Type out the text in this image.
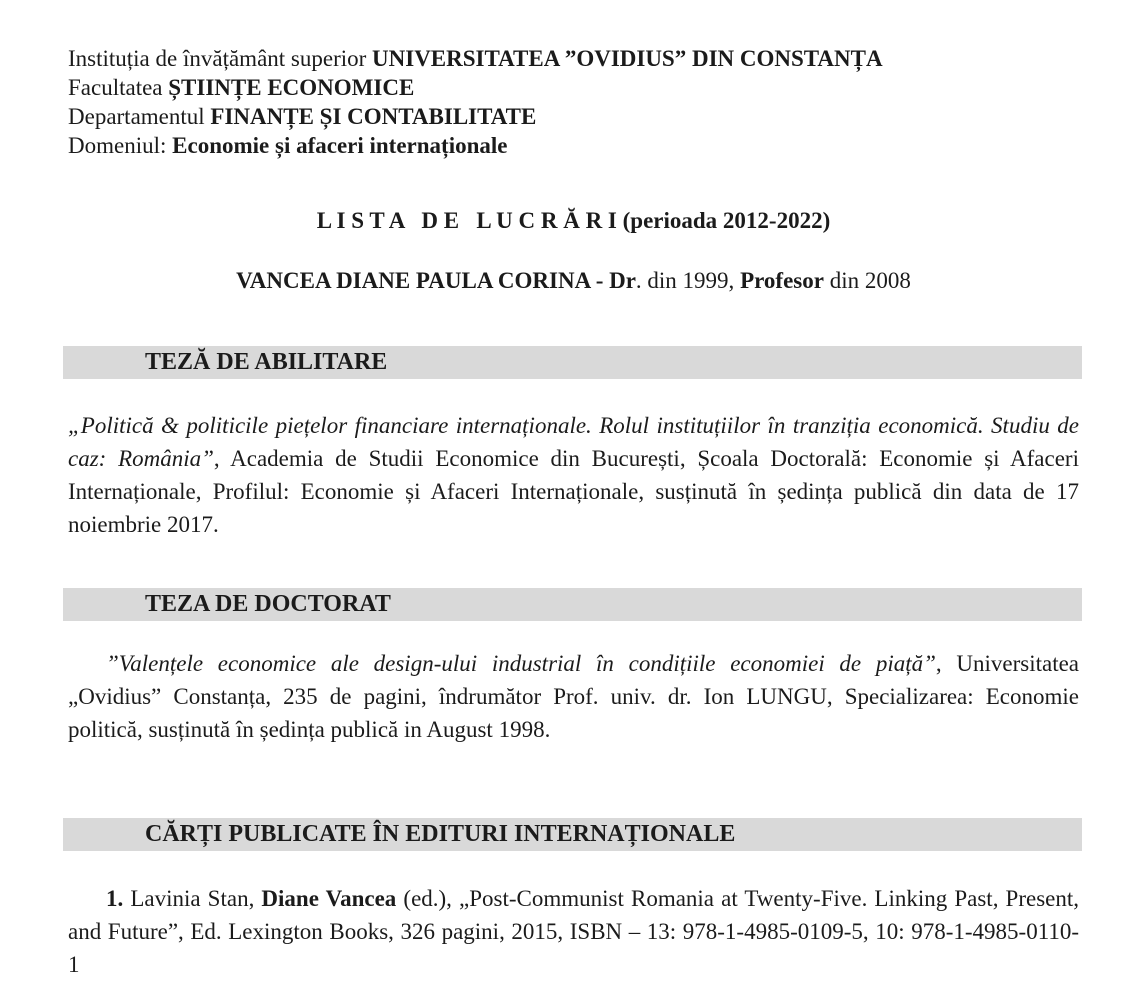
Instituția de învățământ superior UNIVERSITATEA ”OVIDIUS” DIN CONSTANȚA

Facultatea ȘTIINȚE ECONOMICE

Departamentul FINANȚE ȘI CONTABILITATE

Domeniul: Economie și afaceri internaționale

L I S T A   D E   L U C R Ă R I (perioada 2012-2022)

VANCEA DIANE PAULA CORINA - Dr. din 1999, Profesor din 2008

TEZĂ DE ABILITARE

„Politică & politicile piețelor financiare internaționale. Rolul instituțiilor în tranziția economică. Studiu de caz: România”, Academia de Studii Economice din București, Școala Doctorală: Economie și Afaceri Internaționale, Profilul: Economie și Afaceri Internaționale, susținută în ședința publică din data de 17 noiembrie 2017.

TEZA DE DOCTORAT

”Valențele economice ale design-ului industrial în condițiile economiei de piață”, Universitatea „Ovidius” Constanța, 235 de pagini, îndrumător Prof. univ. dr. Ion LUNGU, Specializarea: Economie politică, susținută în ședința publică in August 1998.

CĂRȚI PUBLICATE ÎN EDITURI INTERNAȚIONALE

1. Lavinia Stan, Diane Vancea (ed.), „Post-Communist Romania at Twenty-Five. Linking Past, Present, and Future”, Ed. Lexington Books, 326 pagini, 2015, ISBN – 13: 978-1-4985-0109-5, 10: 978-1-4985-0110-1
